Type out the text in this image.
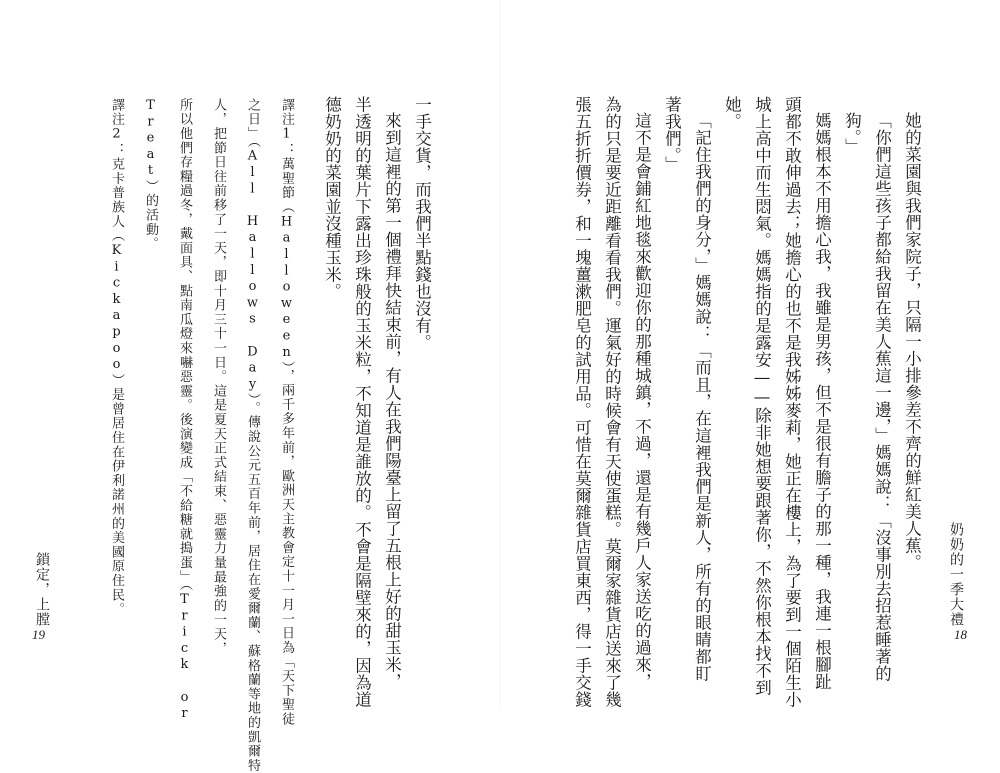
奶奶的一季大禮
她的菜園與我們家院子，只隔一小排參差不齊的鮮紅美人蕉。
「你們這些孩子都給我留在美人蕉這一邊，」媽媽說：「沒事別去招惹睡著的
狗。」
媽媽根本不用擔心我，我雖是男孩，但不是很有膽子的那一種，我連一根腳趾
頭都不敢伸過去；她擔心的也不是我姊姊麥莉，她正在樓上，為了要到一個陌生小
城上高中而生悶氣。媽媽指的是露安——除非她想要跟著你，不然你根本找不到
她。
「記住我們的身分，」媽媽說：「而且，在這裡我們是新人，所有的眼睛都盯
著我們。」
這不是會鋪紅地毯來歡迎你的那種城鎮，不過，還是有幾戶人家送吃的過來，
為的只是要近距離看看我們。運氣好的時候會有天使蛋糕。莫爾家雜貨店送來了幾
張五折折價券，和一塊薑漱肥皂的試用品。可惜在莫爾雜貨店買東西，得一手交錢	18
一手交貨，而我們半點錢也沒有。
來到這裡的第一個禮拜快結束前，有人在我們陽臺上留了五根上好的甜玉米，
半透明的葉片下露出珍珠般的玉米粒，不知道是誰放的。不會是隔壁來的，因為道
德奶奶的菜園並沒種玉米。
譯注1：萬聖節（Halloween），兩千多年前，歐洲天主教會定十一月一日為「天下聖徒
之日」（All Hallows Day）。傳說公元五百年前，居住在愛爾蘭、蘇格蘭等地的凱爾特
人，把節日往前移了一天，即十月三十一日。這是夏天正式結束、惡靈力量最強的一天，
所以他們存糧過冬，戴面具、點南瓜燈來嚇惡靈。後演變成「不給糖就搗蛋」（Trick or
Treat）的活動。
譯注2：克卡普族人（Kickapoo）是曾居住在伊利諾州的美國原住民。
鎖定，上膛
19
